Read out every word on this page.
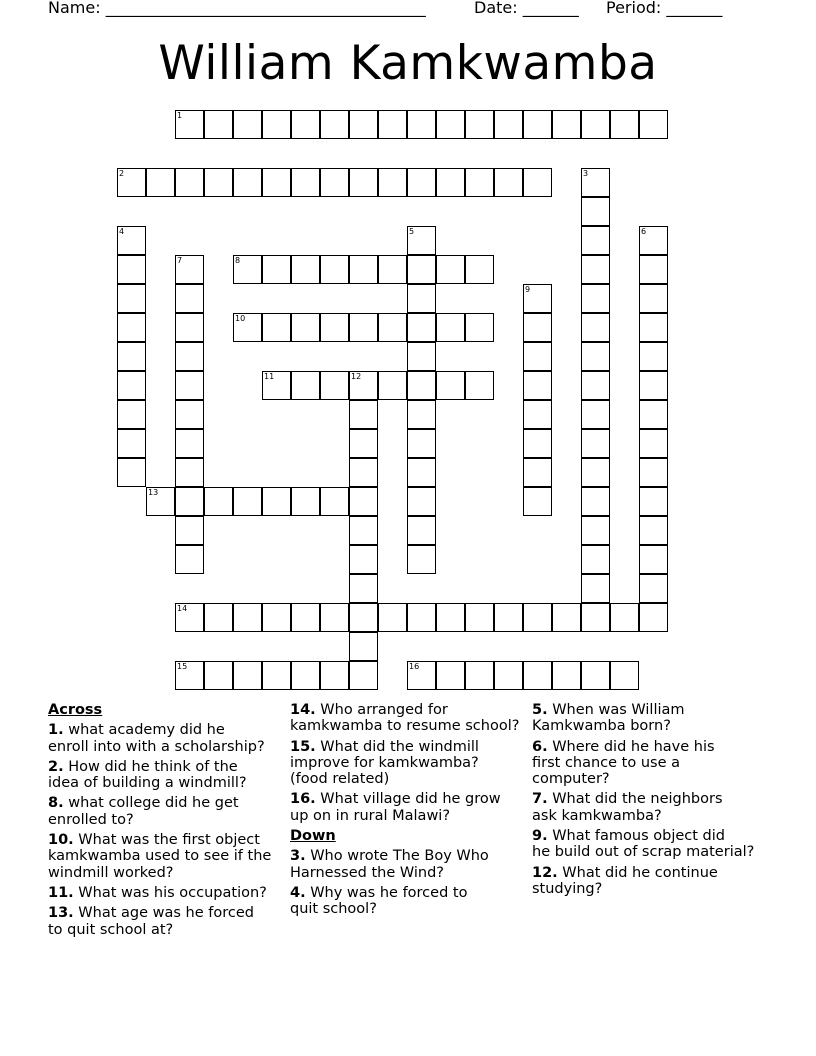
Name: ________________________________________	Date: _______ Period: _______
William Kamkwamba
1
2	3
4	5	6
7	8
9
10
11	12
13
14
15	16
Across
1. what academy did he
enroll into with a scholarship?
2. How did he think of the
idea of building a windmill?
8. what college did he get
enrolled to?
10. What was the first object
kamkwamba used to see if the
windmill worked?
11. What was his occupation?
13. What age was he forced
to quit school at?
14. Who arranged for
kamkwamba to resume school?
15. What did the windmill
improve for kamkwamba?
(food related)
16. What village did he grow
up on in rural Malawi?
Down
3. Who wrote The Boy Who
Harnessed the Wind?
4. Why was he forced to
quit school?
5. When was William
Kamkwamba born?
6. Where did he have his
first chance to use a
computer?
7. What did the neighbors
ask kamkwamba?
9. What famous object did
he build out of scrap material?
12. What did he continue
studying?
